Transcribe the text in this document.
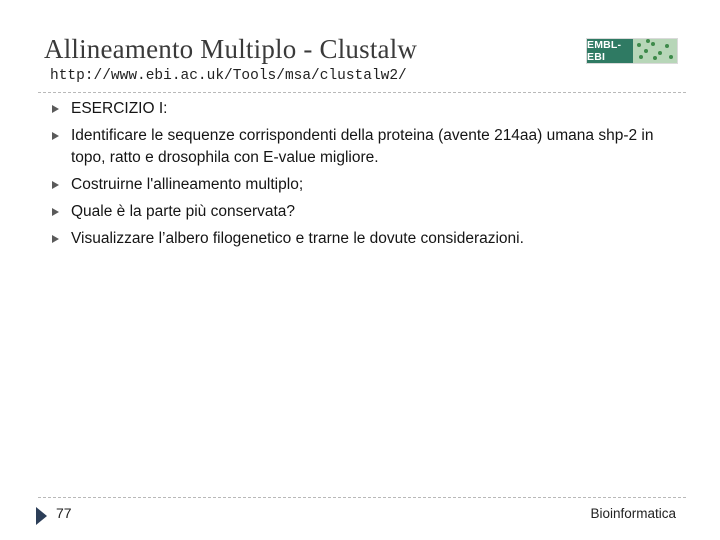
Allineamento Multiplo - Clustalw
http://www.ebi.ac.uk/Tools/msa/clustalw2/
EMBL-EBI
ESERCIZIO I:
Identificare le sequenze corrispondenti della proteina (avente 214aa) umana shp-2 in topo, ratto e drosophila con E-value migliore.
Costruirne l'allineamento multiplo;
Quale è la parte più conservata?
Visualizzare l’albero filogenetico e trarne le dovute considerazioni.
77	Bioinformatica
